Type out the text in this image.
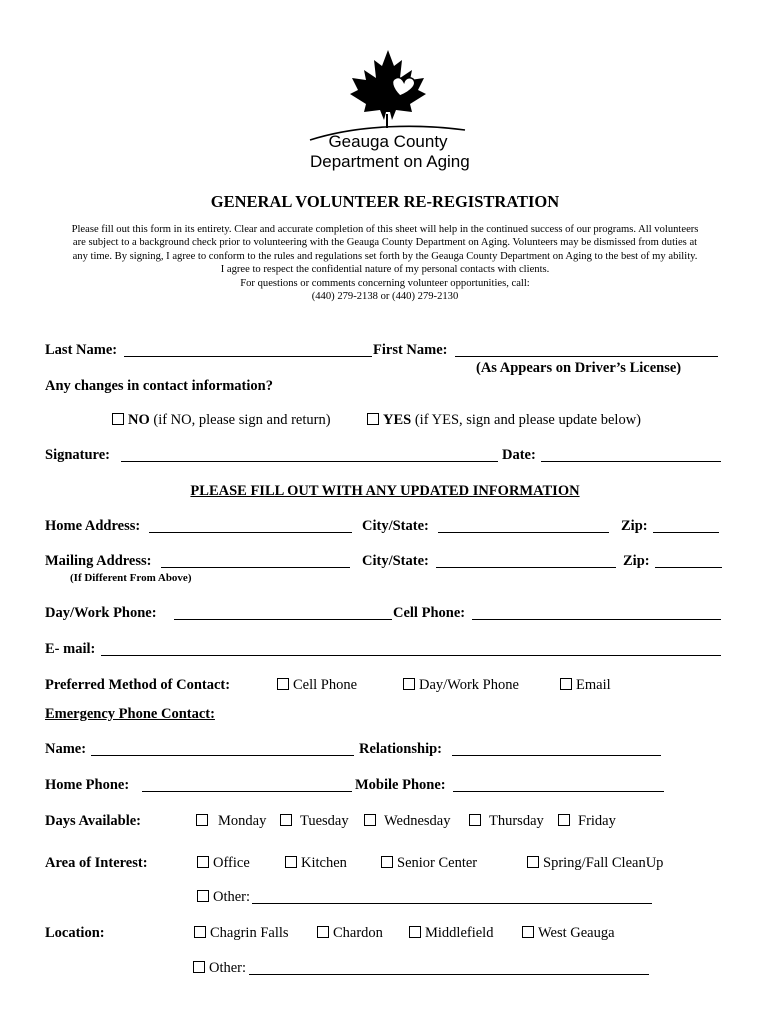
Geauga County
Department on Aging
GENERAL VOLUNTEER RE-REGISTRATION

Please fill out this form in its entirety. Clear and accurate completion of this sheet will help in the continued success of our programs. All volunteers

are subject to a background check prior to volunteering with the Geauga County Department on Aging. Volunteers may be dismissed from duties at

any time. By signing, I agree to conform to the rules and regulations set forth by the Geauga County Department on Aging to the best of my ability.

I agree to respect the confidential nature of my personal contacts with clients.

For questions or comments concerning volunteer opportunities, call:

(440) 279-2138 or (440) 279-2130

Last Name:	First Name:
(As Appears on Driver’s License)
Any changes in contact information?
NO (if NO, please sign and return)	YES (if YES, sign and please update below)
Signature:	Date:
PLEASE FILL OUT WITH ANY UPDATED INFORMATION
Home Address:	City/State:	Zip:
Mailing Address:	City/State:	Zip:
(If Different From Above)
Day/Work Phone:	Cell Phone:
E- mail:
Preferred Method of Contact:	Cell Phone	Day/Work Phone	Email
Emergency Phone Contact:
Name:	Relationship:
Home Phone:	Mobile Phone:
Days Available:	Monday	Tuesday	Wednesday	Thursday	Friday
Area of Interest:	Office	Kitchen	Senior Center	Spring/Fall CleanUp
Other:
Location:	Chagrin Falls	Chardon	Middlefield	West Geauga
Other:
